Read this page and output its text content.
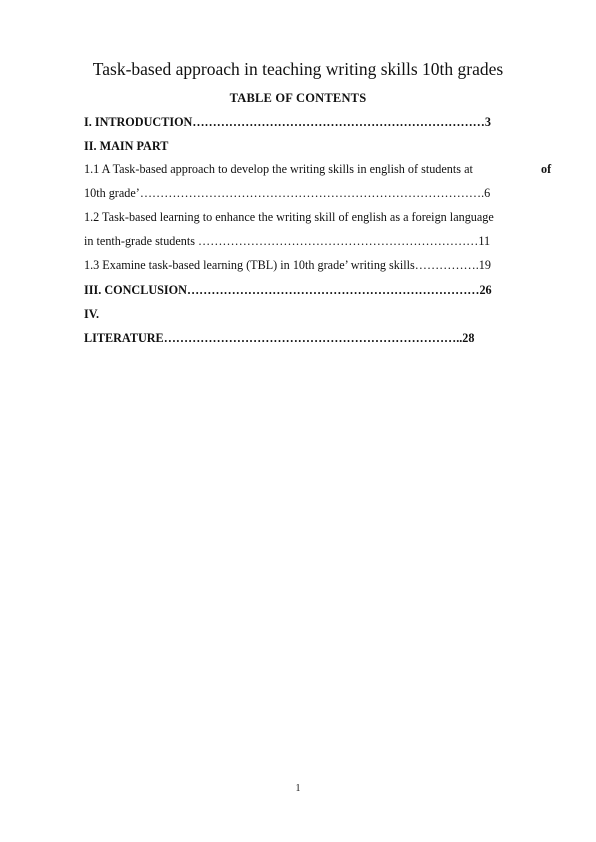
Task-based approach in teaching writing skills 10th grades
TABLE OF CONTENTS
I. INTRODUCTION………………………………………………………………3
II. MAIN PART
1.1 A Task-based approach to develop the writing skills in english of students at	of
10th grade’………………………………………………………………………….6
1.2 Task-based learning to enhance the writing skill of english as a foreign language
in tenth-grade students ……………………………………………………………11
1.3 Examine task-based learning (TBL) in 10th grade’ writing skills…………….19
III. CONCLUSION………………………………………………………………26
IV.
LITERATURE………………………………………………………………..28
1
